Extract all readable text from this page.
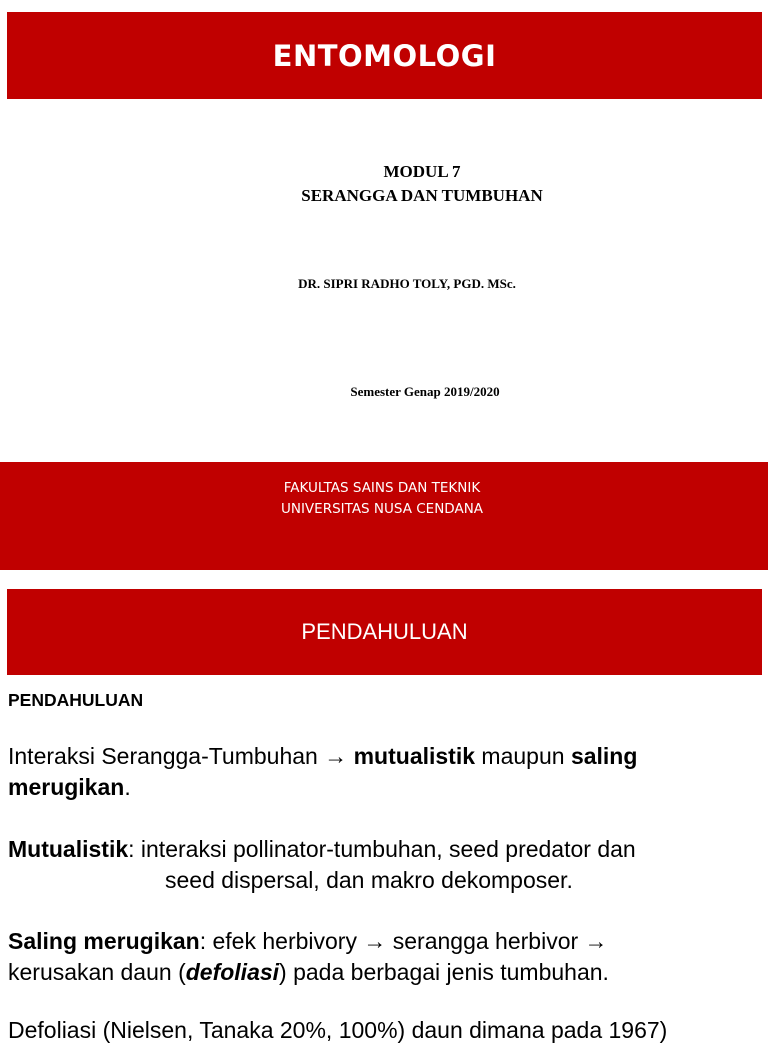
ENTOMOLOGI
MODUL 7
SERANGGA DAN TUMBUHAN
DR. SIPRI RADHO TOLY, PGD. MSc.
Semester Genap 2019/2020
FAKULTAS SAINS DAN TEKNIK
UNIVERSITAS NUSA CENDANA
PENDAHULUAN
PENDAHULUAN
Interaksi Serangga-Tumbuhan → mutualistik maupun saling merugikan.
Mutualistik: interaksi pollinator-tumbuhan, seed predator dan
seed dispersal, dan makro dekomposer.
Saling merugikan: efek herbivory → serangga herbivor →
kerusakan daun (defoliasi) pada berbagai jenis tumbuhan.
Defoliasi (Nielsen, Tanaka 20%, 100%) daun dimana pada 1967)
